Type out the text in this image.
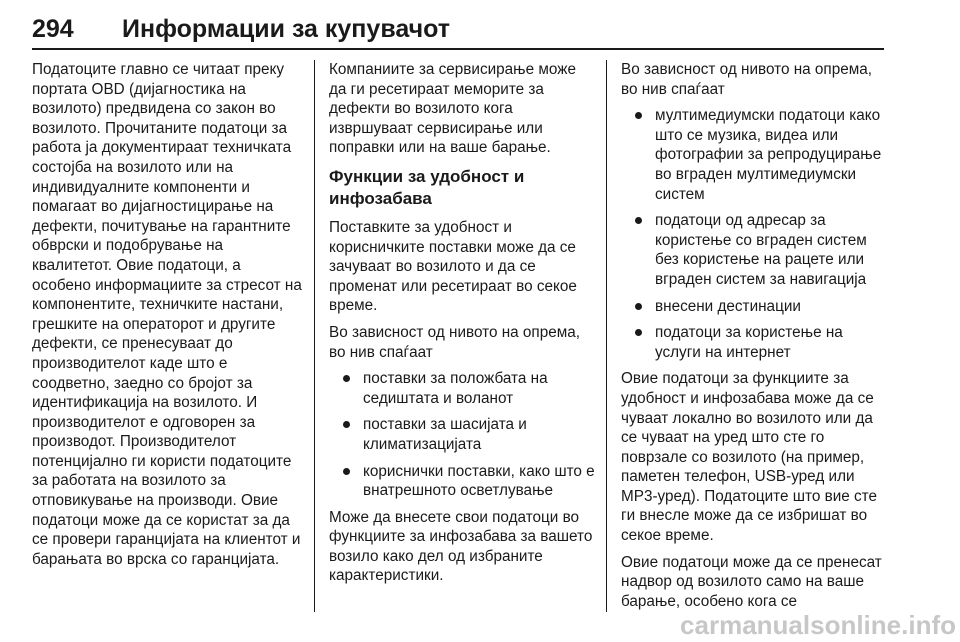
294 Информации за купувачот

Податоците главно се читаат преку портата OBD (дијагностика на возилото) предвидена со закон во возилото. Прочитаните податоци за работа ја документираат техничката состојба на возилото или на индивидуалните компоненти и помагаат во дијагностицирање на дефекти, почитување на гарантните обврски и подобрување на квалитетот. Овие податоци, а особено информациите за стресот на компонентите, техничките настани, грешките на операторот и другите дефекти, се пренесуваат до производителот каде што е соодветно, заедно со бројот за идентификација на возилото. И производителот е одговорен за производот. Производителот потенцијално ги користи податоците за работата на возилото за отповикување на производи. Овие податоци може да се користат за да се провери гаранцијата на клиентот и барањата во врска со гаранцијата.

Компаниите за сервисирање може да ги ресетираат меморите за дефекти во возилото кога извршуваат сервисирање или поправки или на ваше барање.

Функции за удобност и инфозабава

Поставките за удобност и корисничките поставки може да се зачуваат во возилото и да се променат или ресетираат во секое време.

Во зависност од нивото на опрема, во нив спаѓаат

поставки за положбата на седиштата и воланот
поставки за шасијата и климатизацијата
кориснички поставки, како што е внатрешното осветлување

Може да внесете свои податоци во функциите за инфозабава за вашето возило како дел од избраните карактеристики.

Во зависност од нивото на опрема, во нив спаѓаат

мултимедиумски податоци како што се музика, видеа или фотографии за репродуцирање во вграден мултимедиумски систем
податоци од адресар за користење со вграден систем без користење на рацете или вграден систем за навигација
внесени дестинации
податоци за користење на услуги на интернет

Овие податоци за функциите за удобност и инфозабава може да се чуваат локално во возилото или да се чуваат на уред што сте го поврзале со возилото (на пример, паметен телефон, USB-уред или MP3-уред). Податоците што вие сте ги внесле може да се избришат во секое време.

Овие податоци може да се пренесат надвор од возилото само на ваше барање, особено кога се

carmanualsonline.info
